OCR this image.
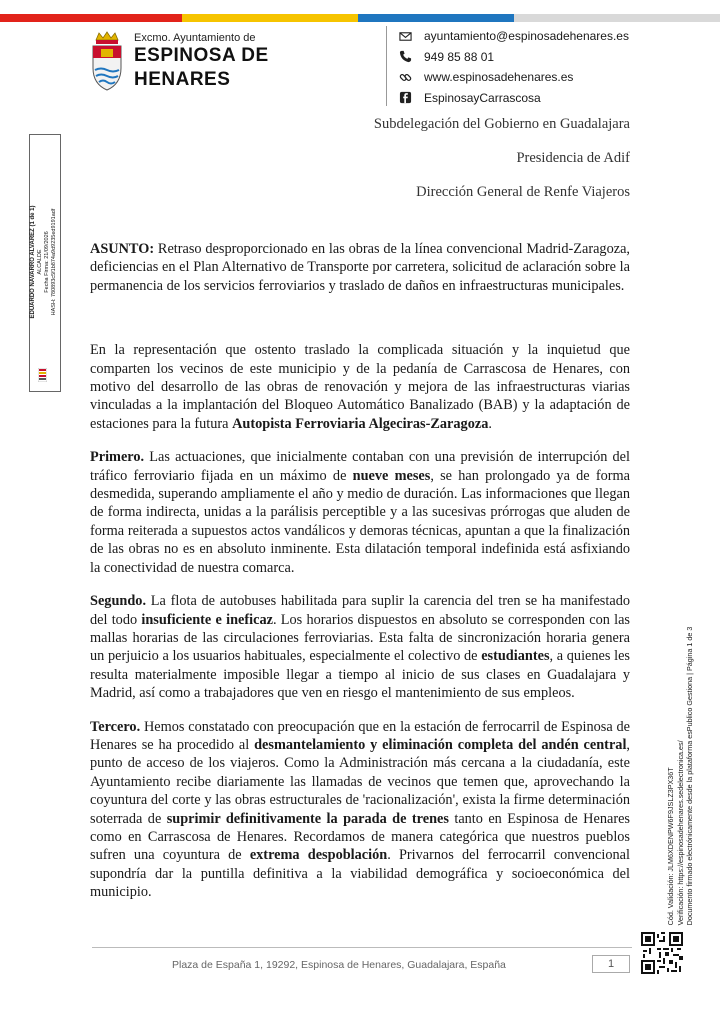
Excmo. Ayuntamiento de
ESPINOSA DE
HENARES
ayuntamiento@espinosadehenares.es
949 85 88 01
www.espinosadehenares.es
EspinosayCarrascosa
Subdelegación del Gobierno en Guadalajara
Presidencia de Adif
Dirección General de Renfe Viajeros
EDUARDO NAVARRO ALVAREZ (1 de 1) ALCALDE Fecha Firma: 21/09/2026 HASH: 780893c5f1b874a9d9235ed9191adf ASUNTO: Retraso desproporcionado en las obras de la línea convencional Madrid-Zaragoza, deficiencias en el Plan Alternativo de Transporte por carretera, solicitud de aclaración sobre la permanencia de los servicios ferroviarios y traslado de daños en infraestructuras municipales.

En la representación que ostento traslado la complicada situación y la inquietud que comparten los vecinos de este municipio y de la pedanía de Carrascosa de Henares, con motivo del desarrollo de las obras de renovación y mejora de las infraestructuras viarias vinculadas a la implantación del Bloqueo Automático Banalizado (BAB) y la adaptación de estaciones para la futura Autopista Ferroviaria Algeciras-Zaragoza.

Primero. Las actuaciones, que inicialmente contaban con una previsión de interrupción del tráfico ferroviario fijada en un máximo de nueve meses, se han prolongado ya de forma desmedida, superando ampliamente el año y medio de duración. Las informaciones que llegan de forma indirecta, unidas a la parálisis perceptible y a las sucesivas prórrogas que aluden de forma reiterada a supuestos actos vandálicos y demoras técnicas, apuntan a que la finalización de las obras no es en absoluto inminente. Esta dilatación temporal indefinida está asfixiando la conectividad de nuestra comarca.

Segundo. La flota de autobuses habilitada para suplir la carencia del tren se ha manifestado del todo insuficiente e ineficaz. Los horarios dispuestos en absoluto se corresponden con las mallas horarias de las circulaciones ferroviarias. Esta falta de sincronización horaria genera un perjuicio a los usuarios habituales, especialmente el colectivo de estudiantes, a quienes les resulta materialmente imposible llegar a tiempo al inicio de sus clases en Guadalajara y Madrid, así como a trabajadores que ven en riesgo el mantenimiento de sus empleos.

Tercero. Hemos constatado con preocupación que en la estación de ferrocarril de Espinosa de Henares se ha procedido al desmantelamiento y eliminación completa del andén central, punto de acceso de los viajeros. Como la Administración más cercana a la ciudadanía, este Ayuntamiento recibe diariamente las llamadas de vecinos que temen que, aprovechando la coyuntura del corte y las obras estructurales de 'racionalización', exista la firme determinación soterrada de suprimir definitivamente la parada de trenes tanto en Espinosa de Henares como en Carrascosa de Henares. Recordamos de manera categórica que nuestros pueblos sufren una coyuntura de extrema despoblación. Privarnos del ferrocarril convencional supondría dar la puntilla definitiva a la viabilidad demográfica y socioeconómica del municipio.	Cód. Validación: JLM6XDENPW6F9JSLZ3PX36T Verificación: https://espinosadehenares.sedelectronica.es/ Documento firmado electrónicamente desde la plataforma esPublico Gestiona | Página 1 de 3
Plaza de España 1, 19292, Espinosa de Henares, Guadalajara, España	1
